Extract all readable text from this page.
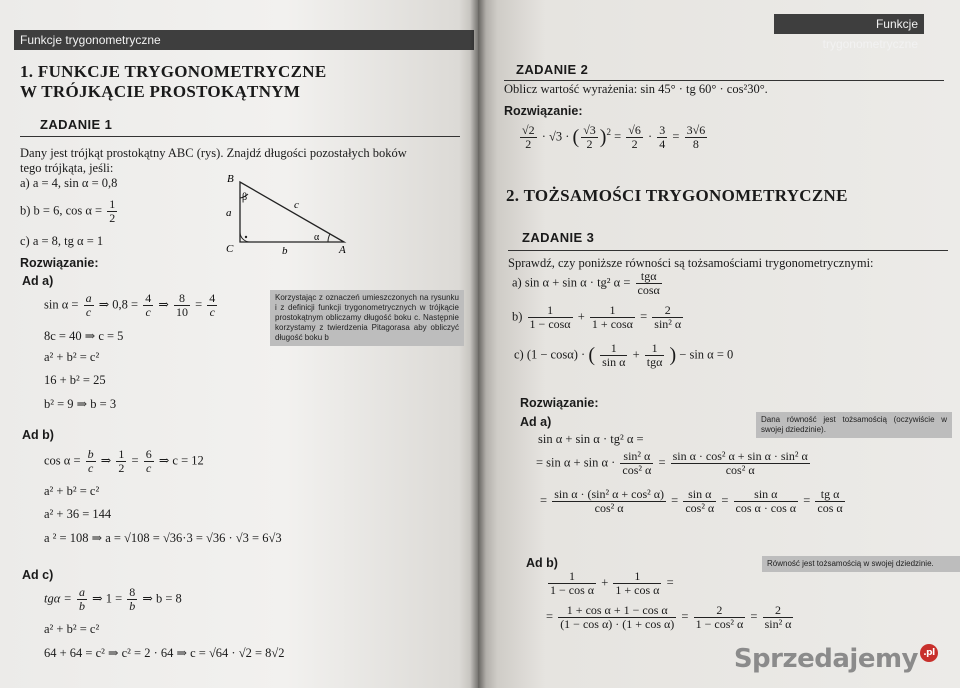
Funkcje trygonometryczne
1. FUNKCJE TRYGONOMETRYCZNE
W TRÓJKĄCIE PROSTOKĄTNYM
ZADANIE 1
Dany jest trójkąt prostokątny ABC (rys). Znajdź długości pozostałych boków
tego trójkąta, jeśli:
a) a = 4, sin α = 0,8
b) b = 6, $\cos \alpha = \frac{1}{2}$
c) a = 8, tg α = 1
B
C	A
a
b
c
β
α
Rozwiązanie:
Ad a)
$\sin \alpha = \frac{a}{c}$ ⇒ $0,8 = \frac{4}{c}$ ⇒ $\frac{8}{10} = \frac{4}{c}$
8c = 40 ⇒ c = 5
a² + b² = c²
16 + b² = 25
b² = 9 ⇒ b = 3
Korzystając z oznaczeń umieszczonych na rysunku i z definicji funkcji trygonometrycznych w trójkącie prostokątnym obliczamy długość boku c. Następnie korzystamy z twierdzenia Pitagorasa aby obliczyć długość boku b
Ad b)
$\cos \alpha = \frac{b}{c}$ ⇒ $\frac{1}{2} = \frac{6}{c}$ ⇒ c = 12
a² + b² = c²
a² + 36 = 144
a ² = 108 ⇒ a = √108 = √36·3 = √36 · √3 = 6√3
Ad c)
$tg\alpha = \frac{a}{b}$ ⇒ $1 = \frac{8}{b}$ ⇒ b = 8
a² + b² = c²
64 + 64 = c² ⇒ c² = 2 · 64 ⇒ c = √64 · √2 = 8√2
Funkcje trygonometryczne
ZADANIE 2
Oblicz wartość wyrażenia: sin 45° · tg 60° · cos²30°.
Rozwiązanie:
$\frac{√2}{2} \cdot √3$ · ( $\frac{√3}{2} )^2 = \frac{√6}{2} \cdot \frac{3}{4} = \frac{3√6}{8}$
2. TOŻSAMOŚCI TRYGONOMETRYCZNE
ZADANIE 3
Sprawdź, czy poniższe równości są tożsamościami trygonometrycznymi:
a) sin α + sin α · tg² $\alpha = \frac{\text{tgα}}{\cos\alpha}$
$b) \frac{1}{1 - \cos\alpha} + \frac{1}{1 + \cos\alpha} = \frac{2}{\text{sin² α}}$
c) (1 − cosα) · ( $\frac{1}{\text{sin α}} + \frac{1}{\text{tgα}}$ ) − sin α = 0
Rozwiązanie:
Ad a)	Dana równość jest tożsamością (oczywiście w swojej dziedzinie).
sin α + sin α · tg² α =
= $\sin \alpha + \sin \alpha \cdot \frac{\text{sin² α}}{\text{cos² α}} = \frac{\text{sin α · cos² α + sin α · sin² α}}{\text{cos² α}}$
= $\frac{\text{sin α · (sin² α + cos² α)}}{\text{cos² α}} = \frac{\text{sin α}}{\text{cos² α}} = \frac{\text{sin α}}{\text{cos α · cos α}} = \frac{\text{tg α}}{\text{cos α}}$
Ad b)	Równość jest tożsamością w swojej dziedzinie.
$\frac{1}{\text{1 − cos α}} + \frac{1}{\text{1 + cos α}}$ =
= $\frac{\text{1 + cos α + 1 − cos α}}{\text{(1 − cos α) · (1 + cos α)}} = \frac{2}{\text{1 − cos² α}} = \frac{2}{\text{sin² α}}$
Sprzedajemy .pl
